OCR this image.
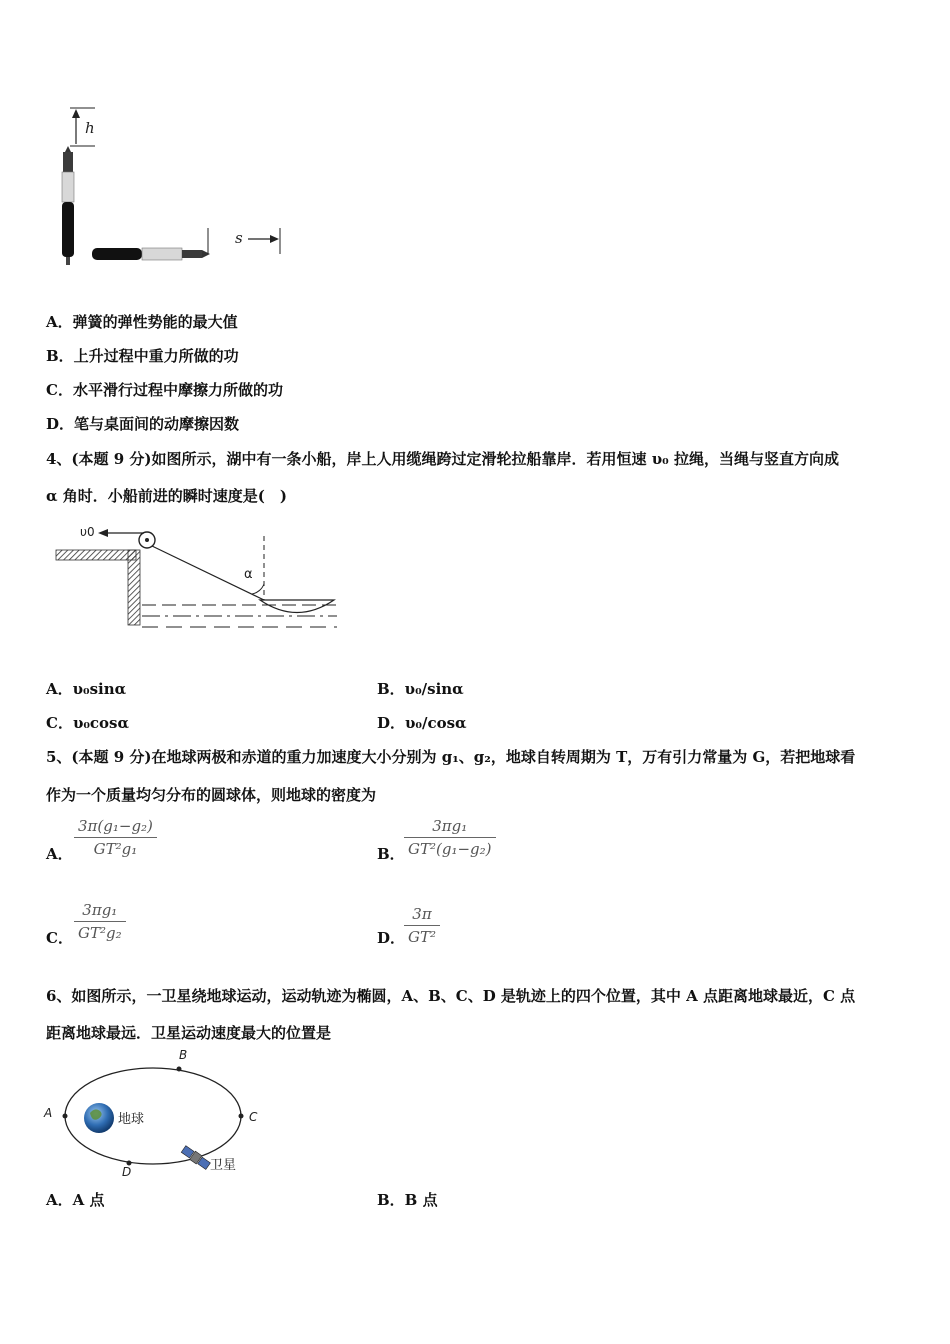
h
s
A．弹簧的弹性势能的最大值
B．上升过程中重力所做的功
C．水平滑行过程中摩擦力所做的功
D．笔与桌面间的动摩擦因数
4、(本题 9 分)如图所示，湖中有一条小船，岸上人用缆绳跨过定滑轮拉船靠岸．若用恒速 υ₀ 拉绳，当绳与竖直方向成
α 角时．小船前进的瞬时速度是(　)
υ0
α
A．υ₀sinα	B．υ₀/sinα
C．υ₀cosα	D．υ₀/cosα
5、(本题 9 分)在地球两极和赤道的重力加速度大小分别为 g₁、g₂，地球自转周期为 T，万有引力常量为 G，若把地球看
作为一个质量均匀分布的圆球体，则地球的密度为
A．
3π(g₁−g₂)
GT²g₁	B．
3πg₁
GT²(g₁−g₂)
C．
3πg₁
GT²g₂	D．
3π
GT²
6、如图所示，一卫星绕地球运动，运动轨迹为椭圆，A、B、C、D 是轨迹上的四个位置，其中 A 点距离地球最近，C 点
距离地球最远．卫星运动速度最大的位置是
A
B
C
D
地球
卫星
A．A 点	B．B 点
